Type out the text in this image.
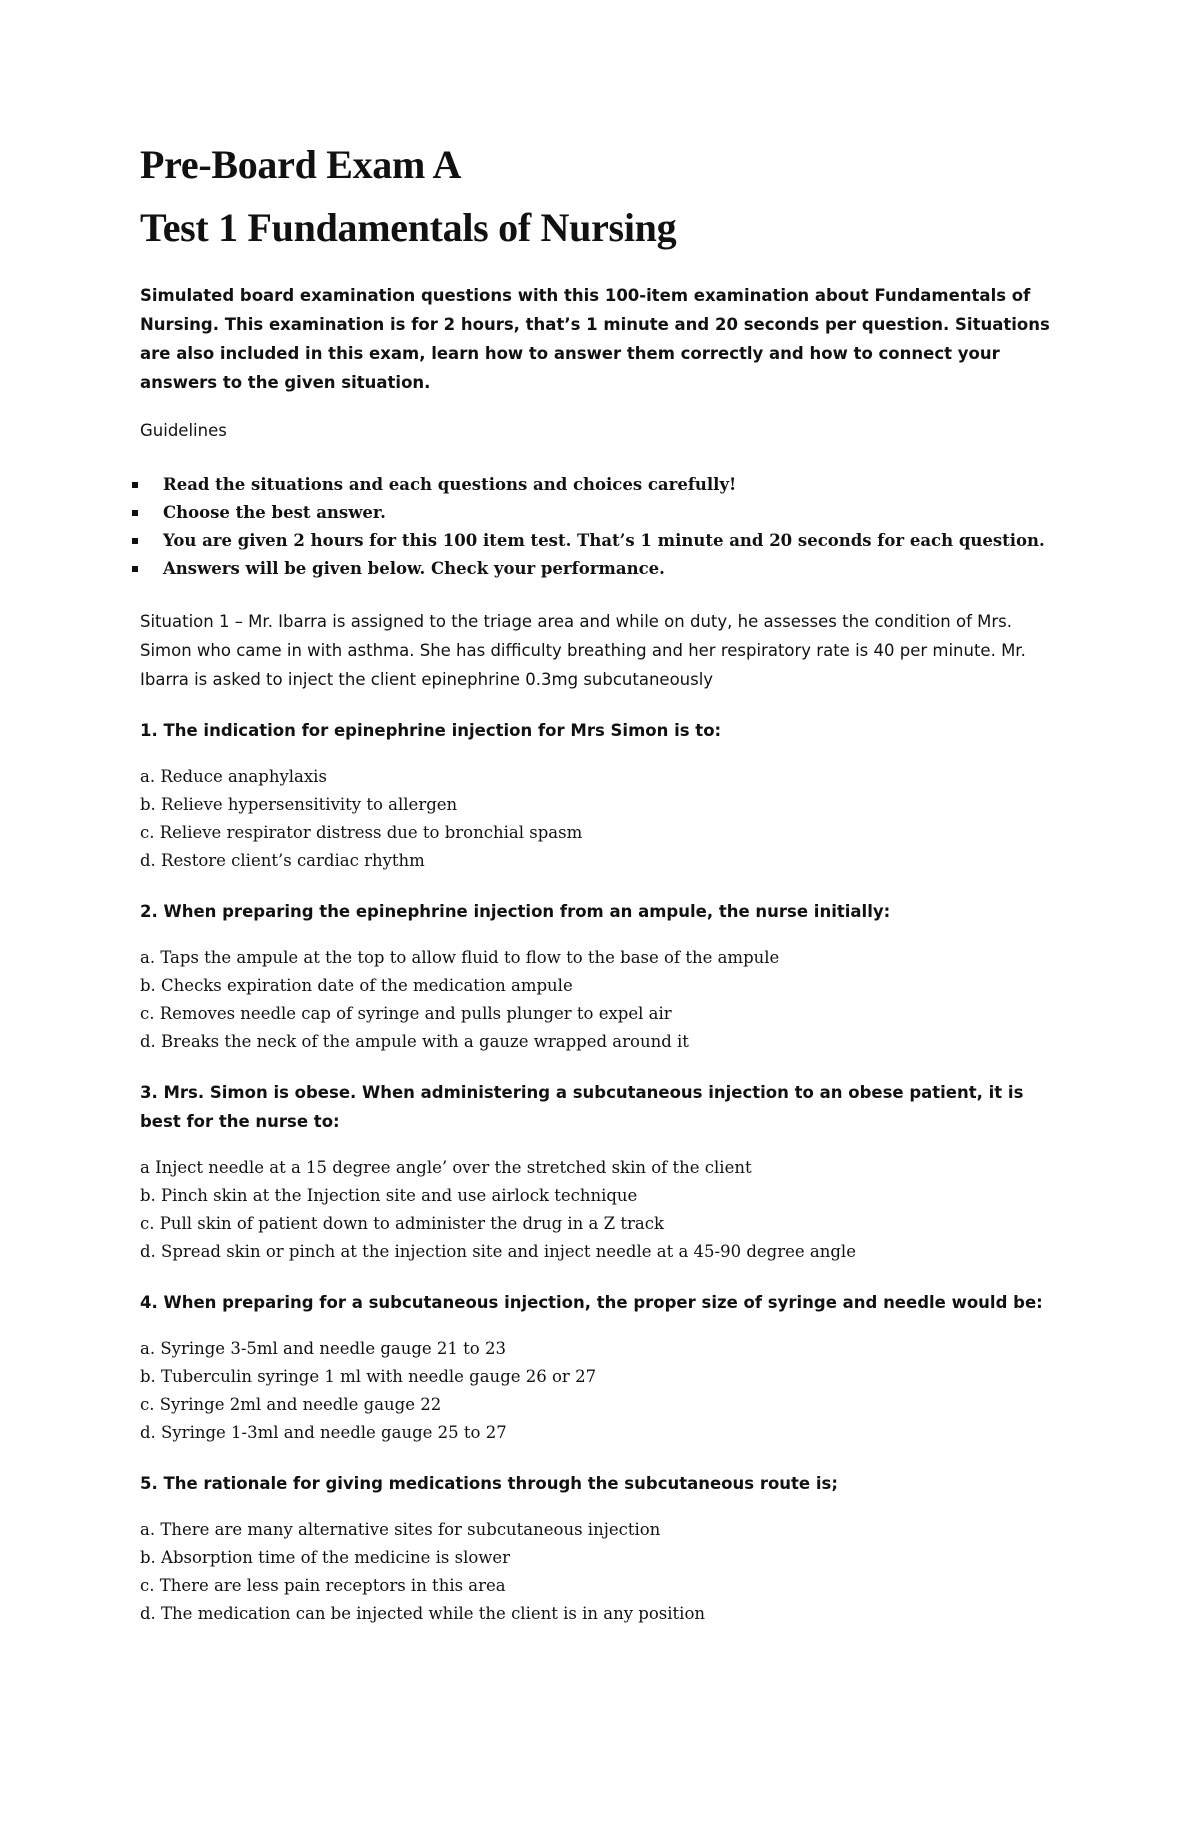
Pre-Board Exam A
Test 1 Fundamentals of Nursing

Simulated board examination questions with this 100-item examination about Fundamentals of Nursing. This examination is for 2 hours, that’s 1 minute and 20 seconds per question. Situations are also included in this exam, learn how to answer them correctly and how to connect your answers to the given situation.

Guidelines

Read the situations and each questions and choices carefully!
Choose the best answer.
You are given 2 hours for this 100 item test. That’s 1 minute and 20 seconds for each question.
Answers will be given below. Check your performance.

Situation 1 – Mr. Ibarra is assigned to the triage area and while on duty, he assesses the condition of Mrs. Simon who came in with asthma. She has difficulty breathing and her respiratory rate is 40 per minute. Mr. Ibarra is asked to inject the client epinephrine 0.3mg subcutaneously

1. The indication for epinephrine injection for Mrs Simon is to:

a. Reduce anaphylaxis
b. Relieve hypersensitivity to allergen
c. Relieve respirator distress due to bronchial spasm
d. Restore client’s cardiac rhythm

2. When preparing the epinephrine injection from an ampule, the nurse initially:

a. Taps the ampule at the top to allow fluid to flow to the base of the ampule
b. Checks expiration date of the medication ampule
c. Removes needle cap of syringe and pulls plunger to expel air
d. Breaks the neck of the ampule with a gauze wrapped around it

3. Mrs. Simon is obese. When administering a subcutaneous injection to an obese patient, it is best for the nurse to:

a Inject needle at a 15 degree angle’ over the stretched skin of the client
b. Pinch skin at the Injection site and use airlock technique
c. Pull skin of patient down to administer the drug in a Z track
d. Spread skin or pinch at the injection site and inject needle at a 45-90 degree angle

4. When preparing for a subcutaneous injection, the proper size of syringe and needle would be:

a. Syringe 3-5ml and needle gauge 21 to 23
b. Tuberculin syringe 1 ml with needle gauge 26 or 27
c. Syringe 2ml and needle gauge 22
d. Syringe 1-3ml and needle gauge 25 to 27

5. The rationale for giving medications through the subcutaneous route is;

a. There are many alternative sites for subcutaneous injection
b. Absorption time of the medicine is slower
c. There are less pain receptors in this area
d. The medication can be injected while the client is in any position
